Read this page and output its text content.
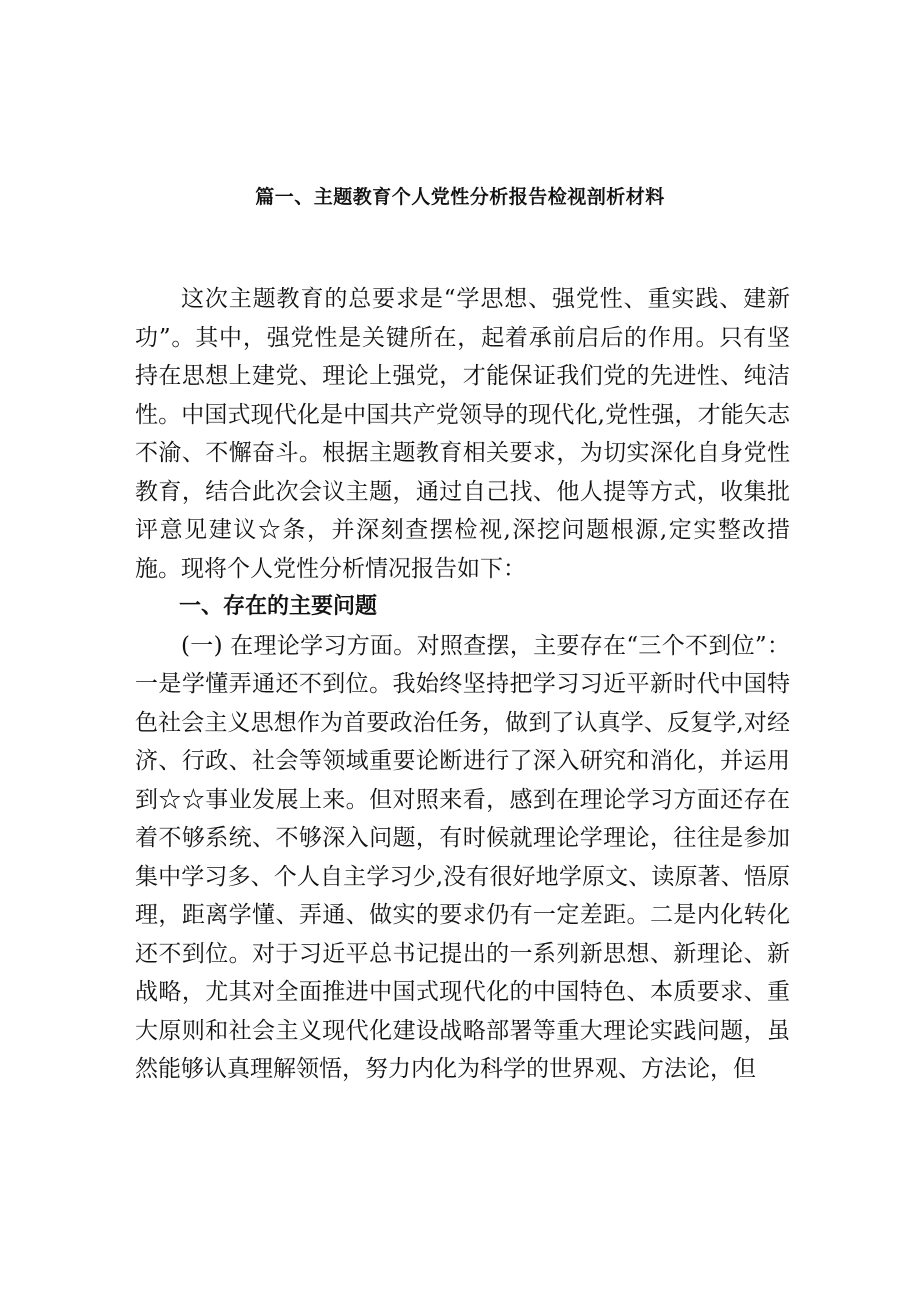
篇一、主题教育个人党性分析报告检视剖析材料

这次主题教育的总要求是“学思想、强党性、重实践、建新功”。其中，强党性是关键所在，起着承前启后的作用。只有坚持在思想上建党、理论上强党，才能保证我们党的先进性、纯洁性。中国式现代化是中国共产党领导的现代化,党性强，才能矢志不渝、不懈奋斗。根据主题教育相关要求，为切实深化自身党性教育，结合此次会议主题，通过自己找、他人提等方式，收集批评意见建议☆条，并深刻查摆检视,深挖问题根源,定实整改措施。现将个人党性分析情况报告如下：

一、存在的主要问题

(一) 在理论学习方面。对照查摆，主要存在“三个不到位”：一是学懂弄通还不到位。我始终坚持把学习习近平新时代中国特色社会主义思想作为首要政治任务，做到了认真学、反复学,对经济、行政、社会等领域重要论断进行了深入研究和消化，并运用到☆☆事业发展上来。但对照来看，感到在理论学习方面还存在着不够系统、不够深入问题，有时候就理论学理论，往往是参加集中学习多、个人自主学习少,没有很好地学原文、读原著、悟原理，距离学懂、弄通、做实的要求仍有一定差距。二是内化转化还不到位。对于习近平总书记提出的一系列新思想、新理论、新战略，尤其对全面推进中国式现代化的中国特色、本质要求、重大原则和社会主义现代化建设战略部署等重大理论实践问题，虽然能够认真理解领悟，努力内化为科学的世界观、方法论，但
